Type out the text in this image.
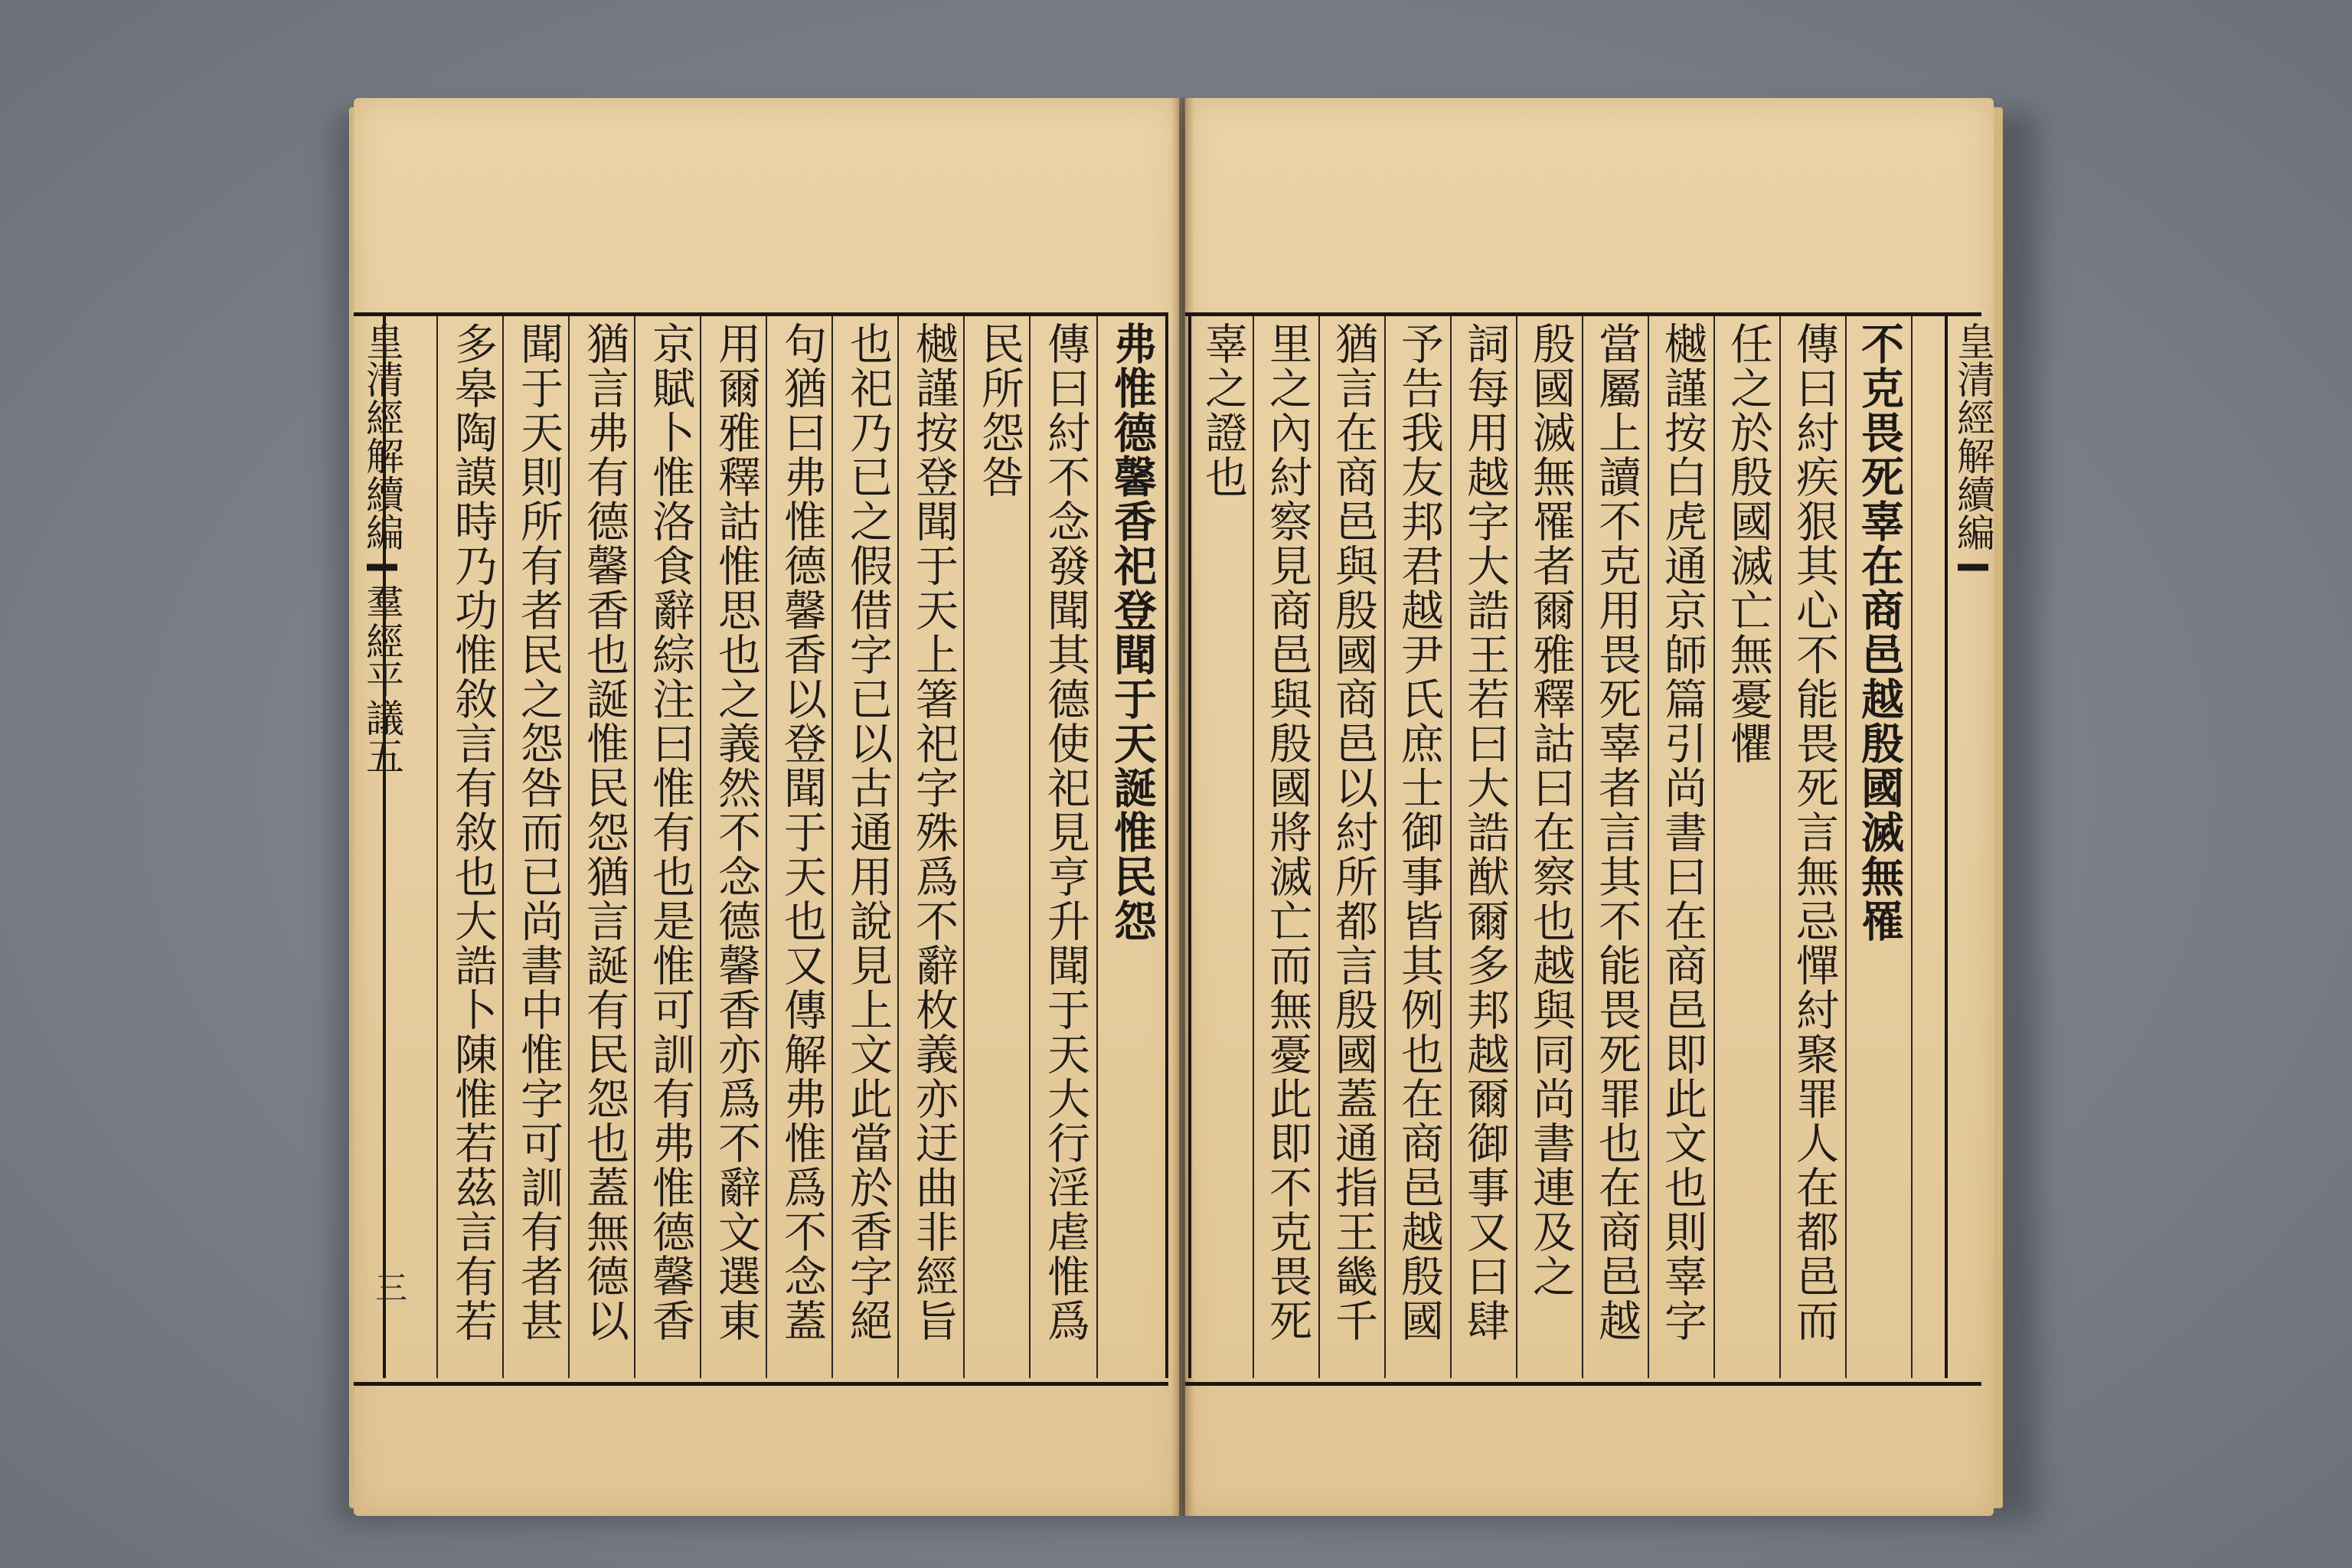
弗惟德馨香祀登聞于天誕惟民怨
傳曰紂不念發聞其德使祀見亨升聞于天大行淫虐惟爲
民所怨咎
樾謹按登聞于天上箸祀字殊爲不辭枚義亦迂曲非經旨
也祀乃已之假借字已以古通用說見上文此當於香字絕
句猶曰弗惟德馨香以登聞于天也又傳解弗惟爲不念蓋
用爾雅釋詁惟思也之義然不念德馨香亦爲不辭文選東
京賦卜惟洛食辭綜注曰惟有也是惟可訓有弗惟德馨香
猶言弗有德馨香也誕惟民怨猶言誕有民怨也蓋無德以
聞于天則所有者民之怨咎而已尚書中惟字可訓有者甚
多皋陶謨時乃功惟敘言有敘也大誥卜陳惟若茲言有若
皇清經解續編羣經平議五
三
不克畏死辜在商邑越殷國滅無罹
傳曰紂疾狠其心不能畏死言無忌憚紂聚罪人在都邑而
任之於殷國滅亡無憂懼
樾謹按白虎通京師篇引尚書曰在商邑即此文也則辜字
當屬上讀不克用畏死辜者言其不能畏死罪也在商邑越
殷國滅無罹者爾雅釋詁曰在察也越與同尚書連及之
詞每用越字大誥王若曰大誥猷爾多邦越爾御事又曰肆
予告我友邦君越尹氏庶士御事皆其例也在商邑越殷國
猶言在商邑與殷國商邑以紂所都言殷國蓋通指王畿千
里之內紂察見商邑與殷國將滅亡而無憂此即不克畏死
辜之證也	皇清經解續編
